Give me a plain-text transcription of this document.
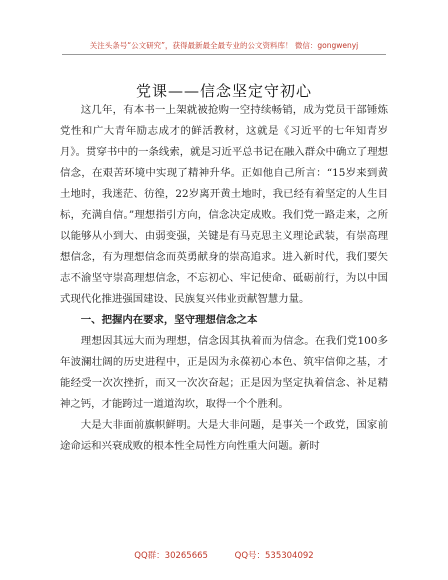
关注头条号“公文研究”，获得最新最全最专业的公文资料库！ 微信：gongwenyj
党课——信念坚定守初心

这几年，有本书一上架就被抢购一空持续畅销，成为党员干部锤炼党性和广大青年励志成才的鲜活教材，这就是《习近平的七年知青岁月》。贯穿书中的一条线索，就是习近平总书记在融入群众中确立了理想信念，在艰苦环境中实现了精神升华。正如他自己所言：“15岁来到黄土地时，我迷茫、彷徨，22岁离开黄土地时，我已经有着坚定的人生目标，充满自信。”理想指引方向，信念决定成败。我们党一路走来，之所以能够从小到大、由弱变强，关键是有马克思主义理论武装，有崇高理想信念，有为理想信念而英勇献身的崇高追求。进入新时代，我们要矢志不渝坚守崇高理想信念，不忘初心、牢记使命、砥砺前行，为以中国式现代化推进强国建设、民族复兴伟业贡献智慧力量。

一、把握内在要求，坚守理想信念之本

理想因其远大而为理想，信念因其执着而为信念。在我们党100多年波澜壮阔的历史进程中，正是因为永葆初心本色、筑牢信仰之基，才能经受一次次挫折，而又一次次奋起；正是因为坚定执着信念、补足精神之钙，才能跨过一道道沟坎，取得一个个胜利。

大是大非面前旗帜鲜明。大是大非问题，是事关一个政党，国家前途命运和兴衰成败的根本性全局性方向性重大问题。新时

QQ群：30265665	QQ号：535304092
